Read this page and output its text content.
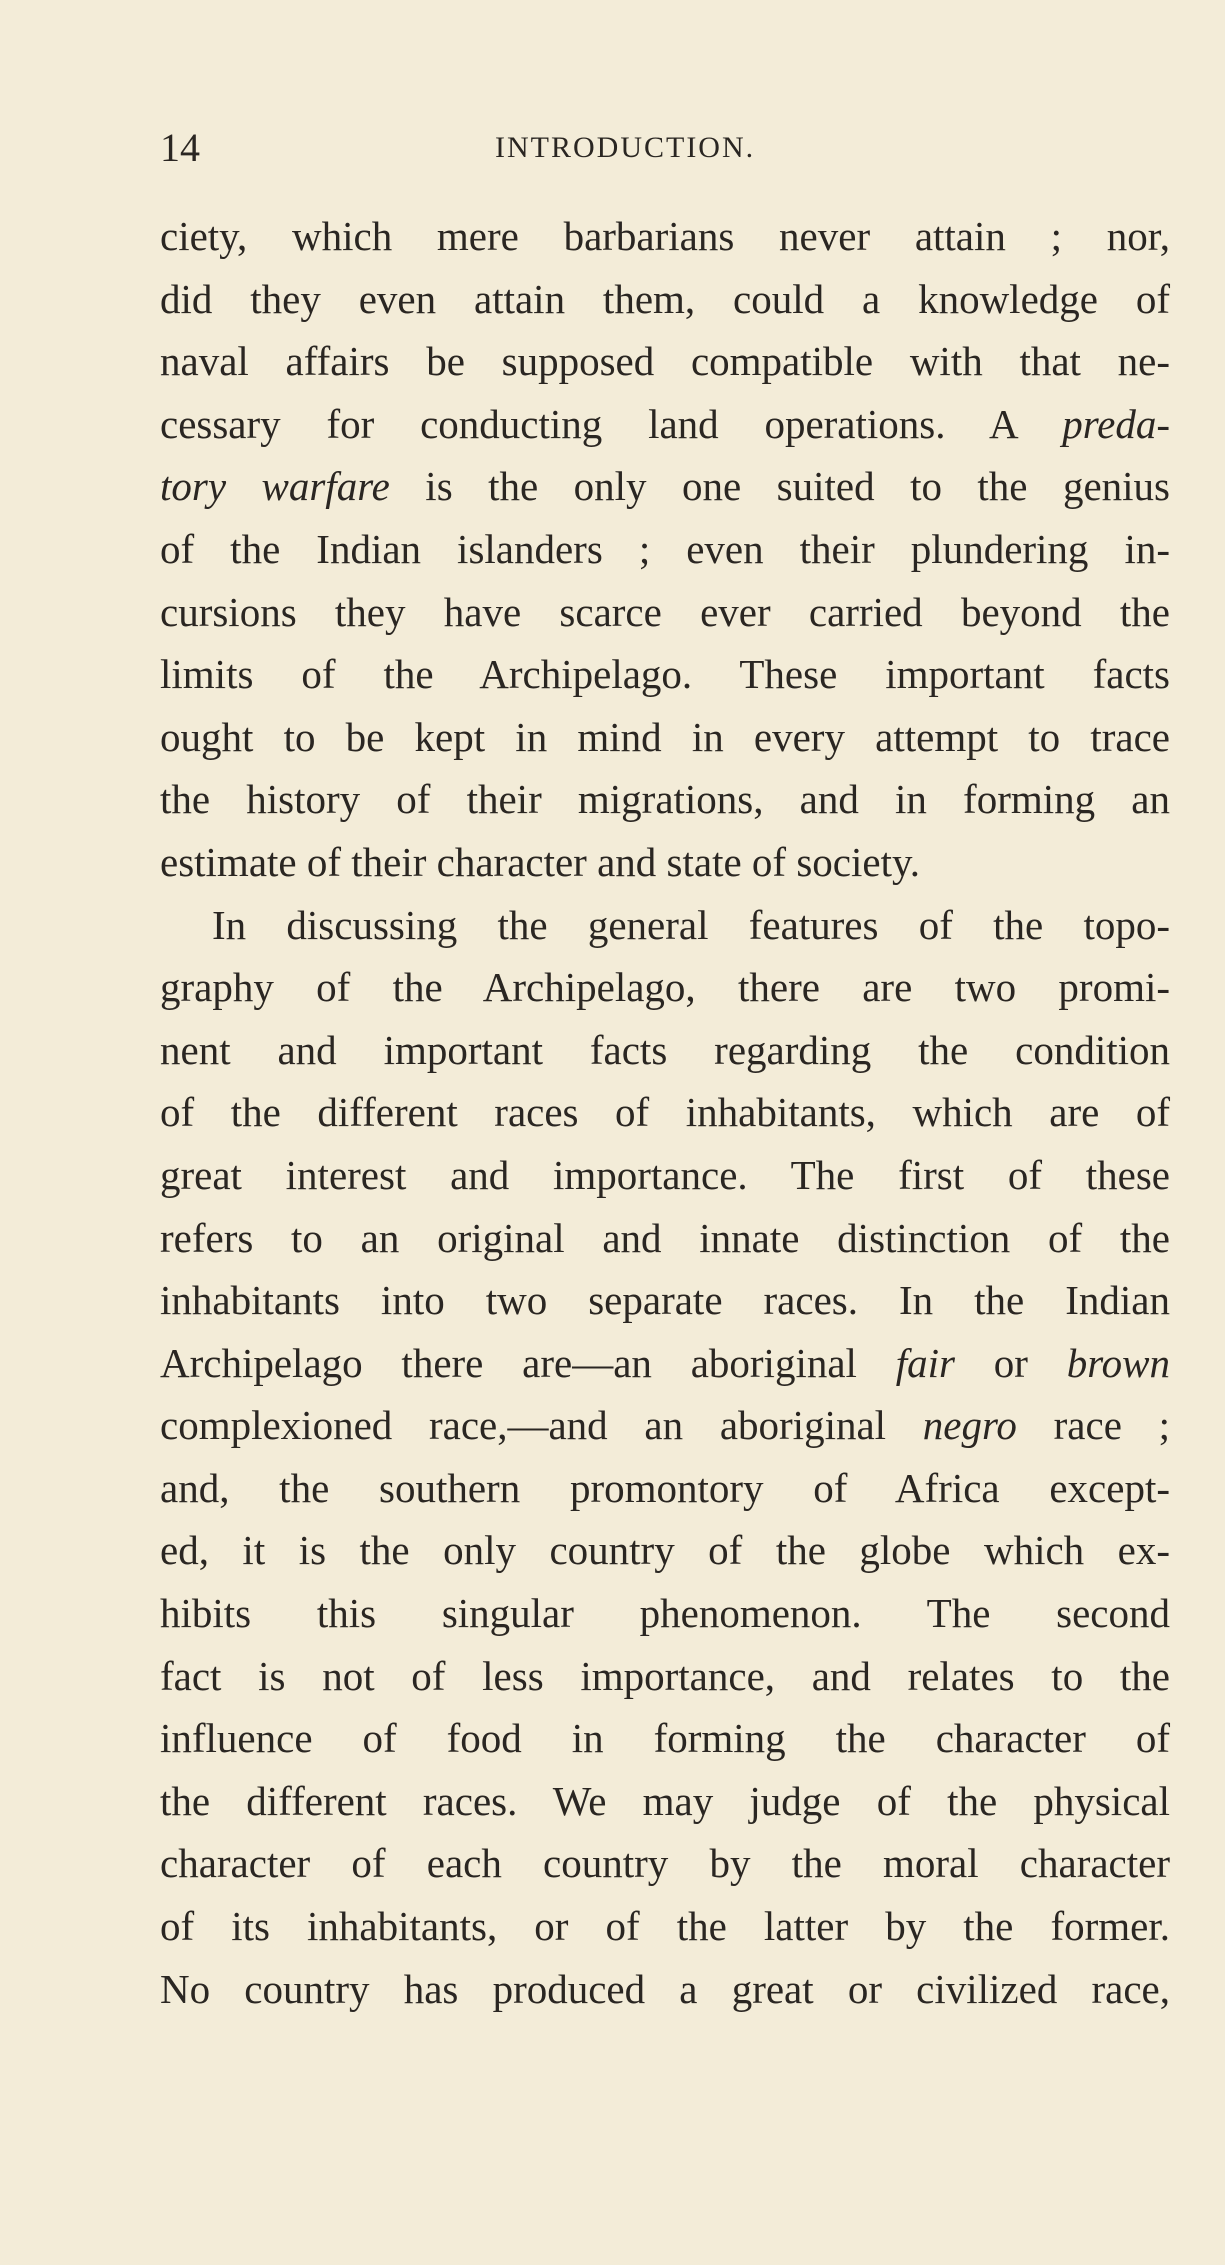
14	INTRODUCTION.
ciety, which mere barbarians never attain ; nor,
did they even attain them, could a knowledge of
naval affairs be supposed compatible with that ne-
cessary for conducting land operations. A preda-
tory warfare is the only one suited to the genius
of the Indian islanders ; even their plundering in-
cursions they have scarce ever carried beyond the
limits of the Archipelago. These important facts
ought to be kept in mind in every attempt to trace
the history of their migrations, and in forming an
estimate of their character and state of society.
In discussing the general features of the topo-
graphy of the Archipelago, there are two promi-
nent and important facts regarding the condition
of the different races of inhabitants, which are of
great interest and importance. The first of these
refers to an original and innate distinction of the
inhabitants into two separate races. In the Indian
Archipelago there are—an aboriginal fair or brown
complexioned race,—and an aboriginal negro race ;
and, the southern promontory of Africa except-
ed, it is the only country of the globe which ex-
hibits this singular phenomenon. The second
fact is not of less importance, and relates to the
influence of food in forming the character of
the different races. We may judge of the physical
character of each country by the moral character
of its inhabitants, or of the latter by the former.
No country has produced a great or civilized race,
